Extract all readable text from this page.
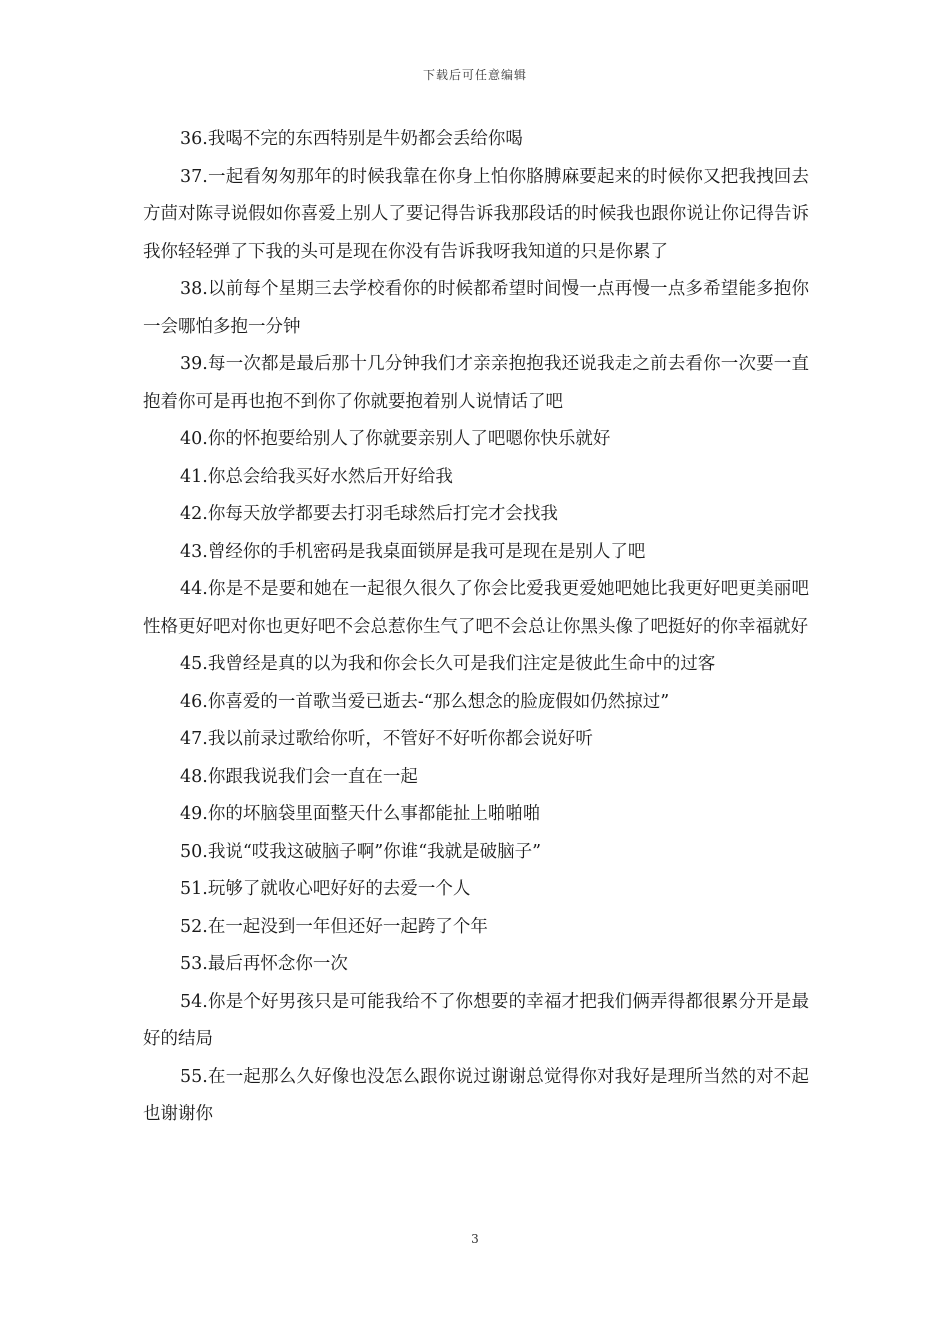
下载后可任意编辑

36.我喝不完的东西特别是牛奶都会丢给你喝

37.一起看匆匆那年的时候我靠在你身上怕你胳膊麻要起来的时候你又把我拽回去方茴对陈寻说假如你喜爱上别人了要记得告诉我那段话的时候我也跟你说让你记得告诉我你轻轻弹了下我的头可是现在你没有告诉我呀我知道的只是你累了

38.以前每个星期三去学校看你的时候都希望时间慢一点再慢一点多希望能多抱你一会哪怕多抱一分钟

39.每一次都是最后那十几分钟我们才亲亲抱抱我还说我走之前去看你一次要一直抱着你可是再也抱不到你了你就要抱着别人说情话了吧

40.你的怀抱要给别人了你就要亲别人了吧嗯你快乐就好

41.你总会给我买好水然后开好给我

42.你每天放学都要去打羽毛球然后打完才会找我

43.曾经你的手机密码是我桌面锁屏是我可是现在是别人了吧

44.你是不是要和她在一起很久很久了你会比爱我更爱她吧她比我更好吧更美丽吧性格更好吧对你也更好吧不会总惹你生气了吧不会总让你黑头像了吧挺好的你幸福就好

45.我曾经是真的以为我和你会长久可是我们注定是彼此生命中的过客

46.你喜爱的一首歌当爱已逝去-“那么想念的脸庞假如仍然掠过”

47.我以前录过歌给你听，不管好不好听你都会说好听

48.你跟我说我们会一直在一起

49.你的坏脑袋里面整天什么事都能扯上啪啪啪

50.我说“哎我这破脑子啊”你谁“我就是破脑子”

51.玩够了就收心吧好好的去爱一个人

52.在一起没到一年但还好一起跨了个年

53.最后再怀念你一次

54.你是个好男孩只是可能我给不了你想要的幸福才把我们俩弄得都很累分开是最好的结局

55.在一起那么久好像也没怎么跟你说过谢谢总觉得你对我好是理所当然的对不起也谢谢你

3
